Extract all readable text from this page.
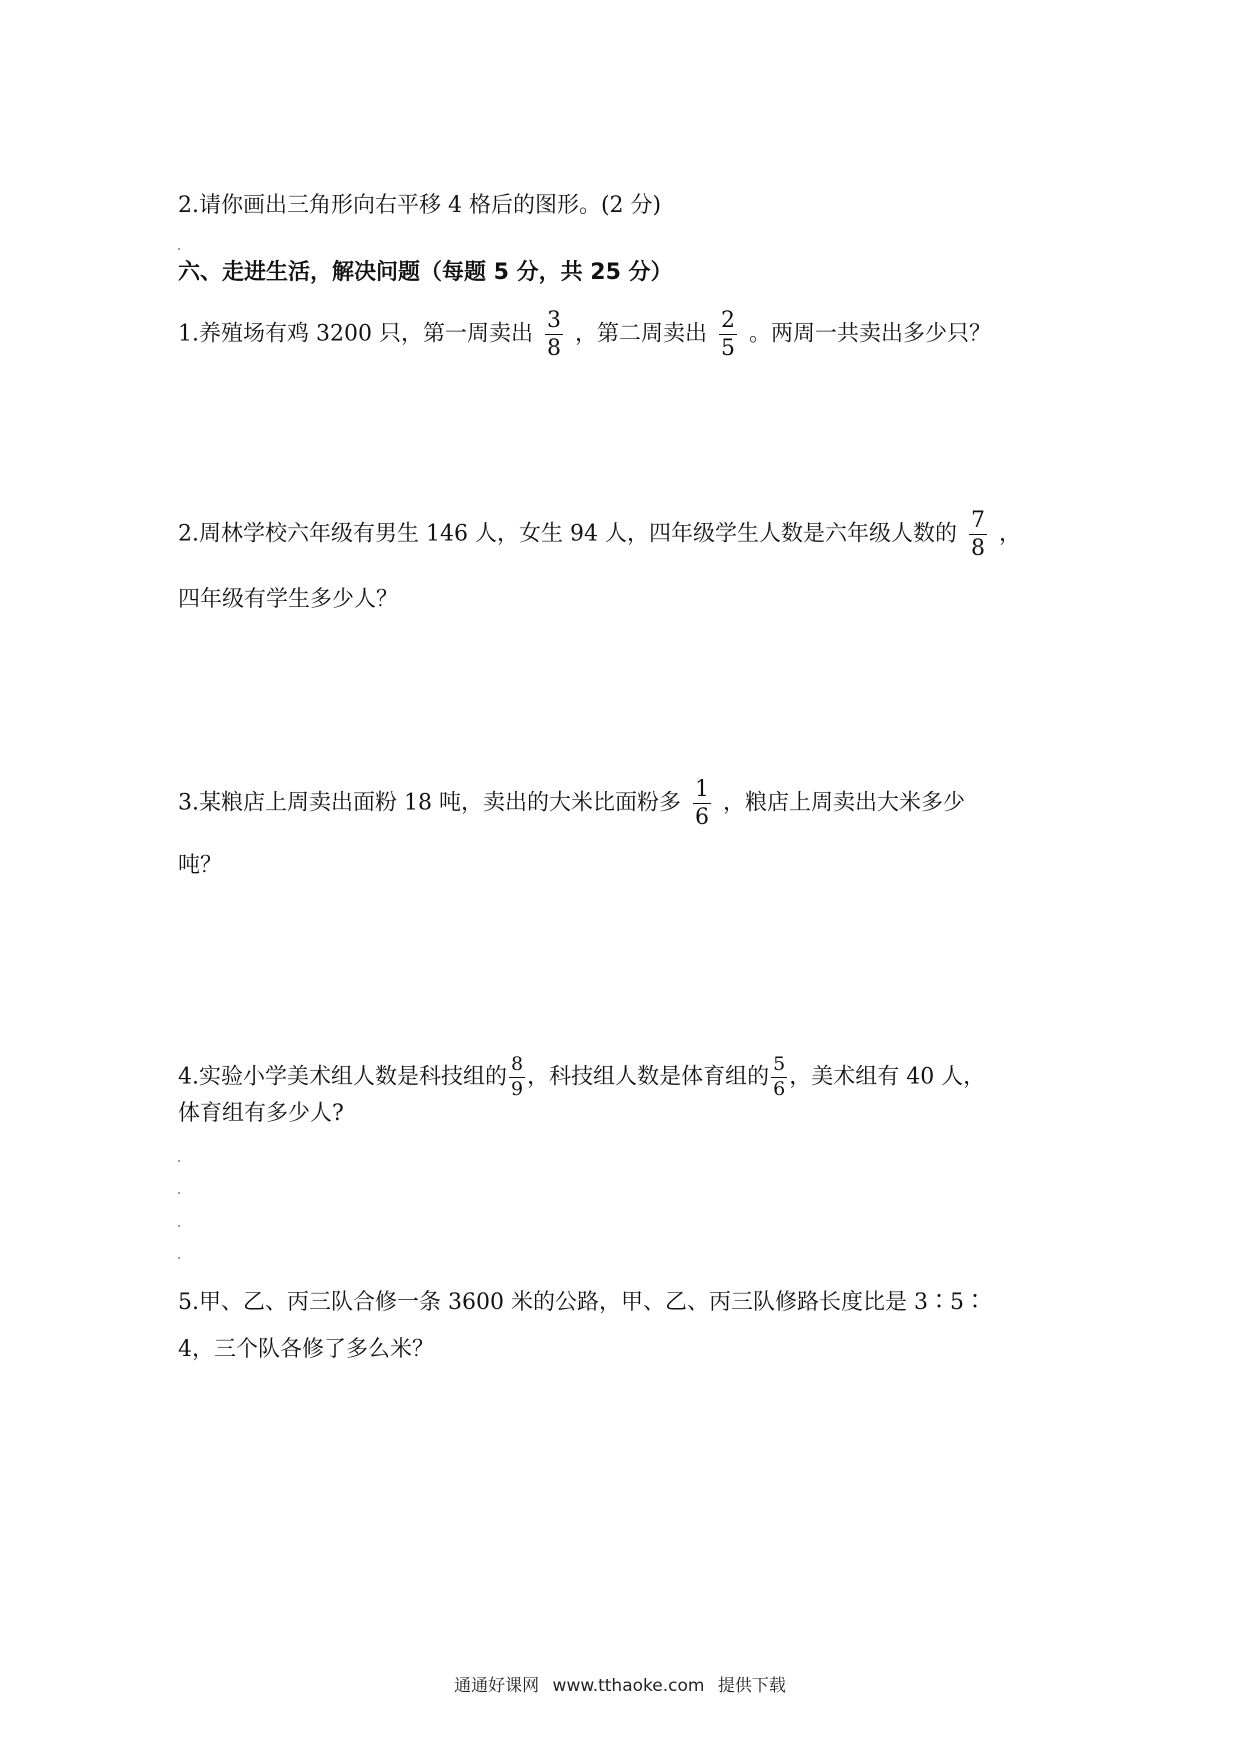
2.请你画出三角形向右平移 4 格后的图形。(2 分)
六、走进生活，解决问题（每题 5 分，共 25 分）
1.养殖场有鸡 3200 只，第一周卖出 $\frac{3}{8}$ ，第二周卖出 $\frac{2}{5}$ 。两周一共卖出多少只？
2.周林学校六年级有男生 146 人，女生 94 人，四年级学生人数是六年级人数的 $\frac{7}{8}$ ，
四年级有学生多少人？
3.某粮店上周卖出面粉 18 吨，卖出的大米比面粉多 $\frac{1}{6}$ ，粮店上周卖出大米多少
吨？
4.实验小学美术组人数是科技组的 $\frac{8}{9}$ ，科技组人数是体育组的 $\frac{5}{6}$ ，美术组有 40 人，
体育组有多少人?
5.甲、乙、丙三队合修一条 3600 米的公路，甲、乙、丙三队修路长度比是 3∶5∶
4，三个队各修了多么米？
通通好课网 www.tthaoke.com 提供下载
